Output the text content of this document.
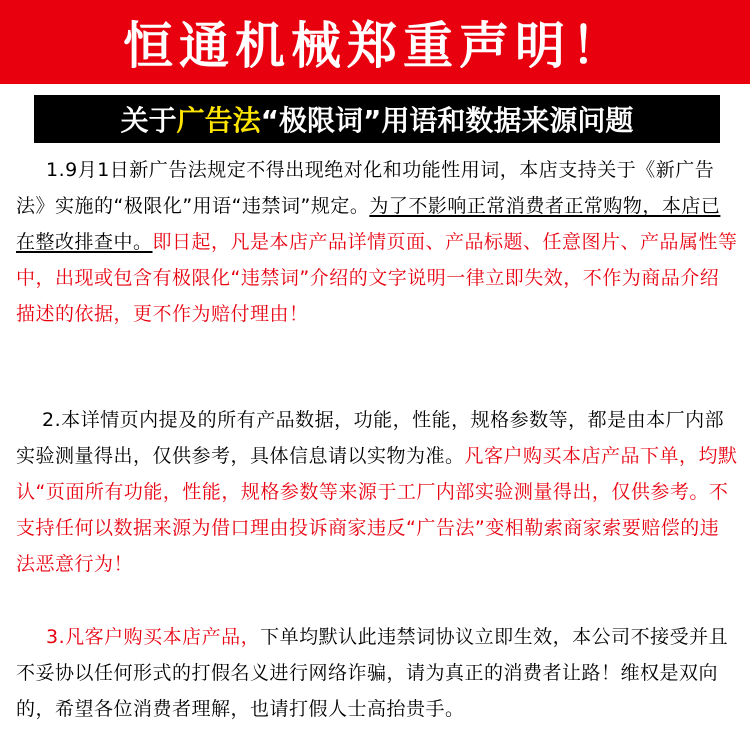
恒通机械郑重声明！
关于 广告法 “极限词” 用语和数据来源问题

1.9月1日新广告法规定不得出现绝对化和功能性用词，本店支持关于《新广告法》实施的“极限化”用语“违禁词”规定。为了不影响正常消费者正常购物，本店已在整改排查中。即日起，凡是本店产品详情页面、产品标题、任意图片、产品属性等中，出现或包含有极限化“违禁词”介绍的文字说明一律立即失效，不作为商品介绍描述的依据，更不作为赔付理由！

2.本详情页内提及的所有产品数据，功能，性能，规格参数等，都是由本厂内部实验测量得出，仅供参考，具体信息请以实物为准。凡客户购买本店产品下单，均默认“页面所有功能，性能，规格参数等来源于工厂内部实验测量得出，仅供参考。不支持任何以数据来源为借口理由投诉商家违反“广告法”变相勒索商家索要赔偿的违法恶意行为！

3.凡客户购买本店产品，下单均默认此违禁词协议立即生效，本公司不接受并且不妥协以任何形式的打假名义进行网络诈骗，请为真正的消费者让路！维权是双向的，希望各位消费者理解，也请打假人士高抬贵手。
